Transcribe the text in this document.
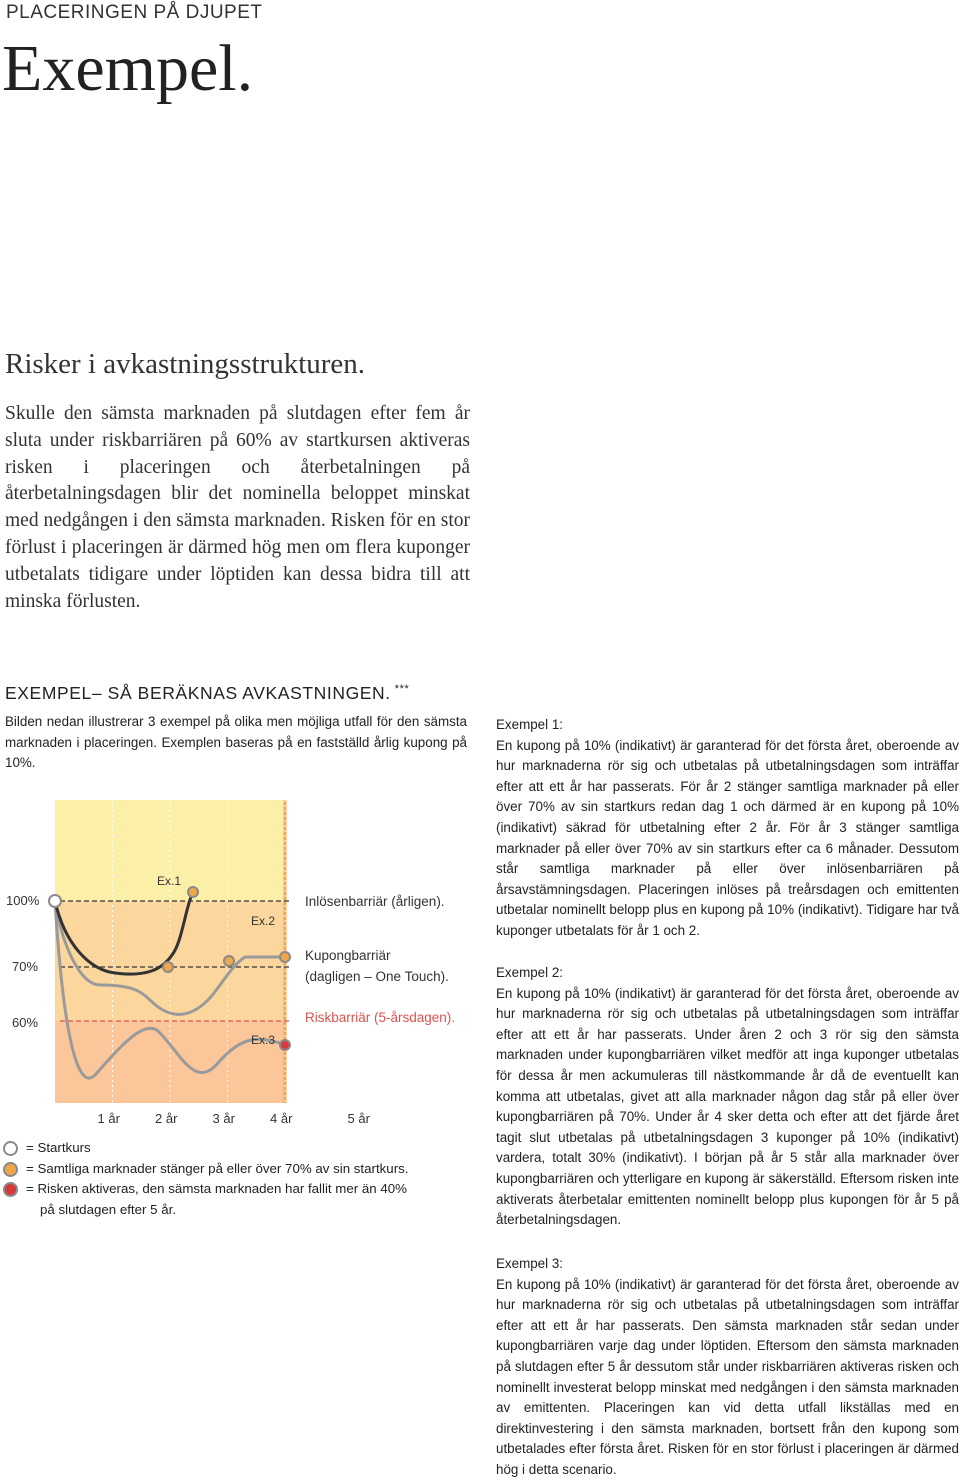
PLACERINGEN PÅ DJUPET
Exempel.
Risker i avkastningsstrukturen.
Skulle den sämsta marknaden på slutdagen efter fem år sluta under riskbarriären på 60% av startkursen aktiveras risken i placeringen och återbetalningen på återbetalningsdagen blir det nominella beloppet minskat med nedgången i den sämsta marknaden. Risken för en stor förlust i placeringen är därmed hög men om flera kuponger utbetalats tidigare under löptiden kan dessa bidra till att minska förlusten.
EXEMPEL– SÅ BERÄKNAS AVKASTNINGEN. ***
Bilden nedan illustrerar 3 exempel på olika men möjliga utfall för den sämsta marknaden i placeringen. Exemplen baseras på en fastställd årlig kupong på 10%.
Ex.1
Ex.2
Ex.3
100%
70%
60%
1 år	2 år	3 år	4 år	5 år
Inlösenbarriär (årligen).
Kupongbarriär
(dagligen – One Touch).
Riskbarriär (5-årsdagen).
= Startkurs
= Samtliga marknader stänger på eller över 70% av sin startkurs.
= Risken aktiveras, den sämsta marknaden har fallit mer än 40%
på slutdagen efter 5 år.
Exempel 1:
En kupong på 10% (indikativt) är garanterad för det första året, oberoende av hur marknaderna rör sig och utbetalas på utbetalningsdagen som inträffar efter att ett år har passerats. För år 2 stänger samtliga marknader på eller över 70% av sin startkurs redan dag 1 och därmed är en kupong på 10% (indikativt) säkrad för utbetalning efter 2 år. För år 3 stänger samtliga marknader på eller över 70% av sin startkurs efter ca 6 månader. Dessutom står samtliga marknader på eller över inlösenbarriären på årsavstämningsdagen. Placeringen inlöses på treårsdagen och emittenten utbetalar nominellt belopp plus en kupong på 10% (indikativt). Tidigare har två kuponger utbetalats för år 1 och 2.
Exempel 2:
En kupong på 10% (indikativt) är garanterad för det första året, oberoende av hur marknaderna rör sig och utbetalas på utbetalningsdagen som inträffar efter att ett år har passerats. Under åren 2 och 3 rör sig den sämsta marknaden under kupongbarriären vilket medför att inga kuponger utbetalas för dessa år men ackumuleras till nästkommande år då de eventuellt kan komma att utbetalas, givet att alla marknader någon dag står på eller över kupongbarriären på 70%. Under år 4 sker detta och efter att det fjärde året tagit slut utbetalas på utbetalningsdagen 3 kuponger på 10% (indikativt) vardera, totalt 30% (indikativt). I början på år 5 står alla marknader över kupongbarriären och ytterligare en kupong är säkerställd. Eftersom risken inte aktiverats återbetalar emittenten nominellt belopp plus kupongen för år 5 på återbetalningsdagen.
Exempel 3:
En kupong på 10% (indikativt) är garanterad för det första året, oberoende av hur marknaderna rör sig och utbetalas på utbetalningsdagen som inträffar efter att ett år har passerats. Den sämsta marknaden står sedan under kupongbarriären varje dag under löptiden. Eftersom den sämsta marknaden på slutdagen efter 5 år dessutom står under riskbarriären aktiveras risken och nominellt investerat belopp minskat med nedgången i den sämsta marknaden av emittenten. Placeringen kan vid detta utfall likställas med en direktinvestering i den sämsta marknaden, bortsett från den kupong som utbetalades efter första året. Risken för en stor förlust i placeringen är därmed hög i detta scenario.
